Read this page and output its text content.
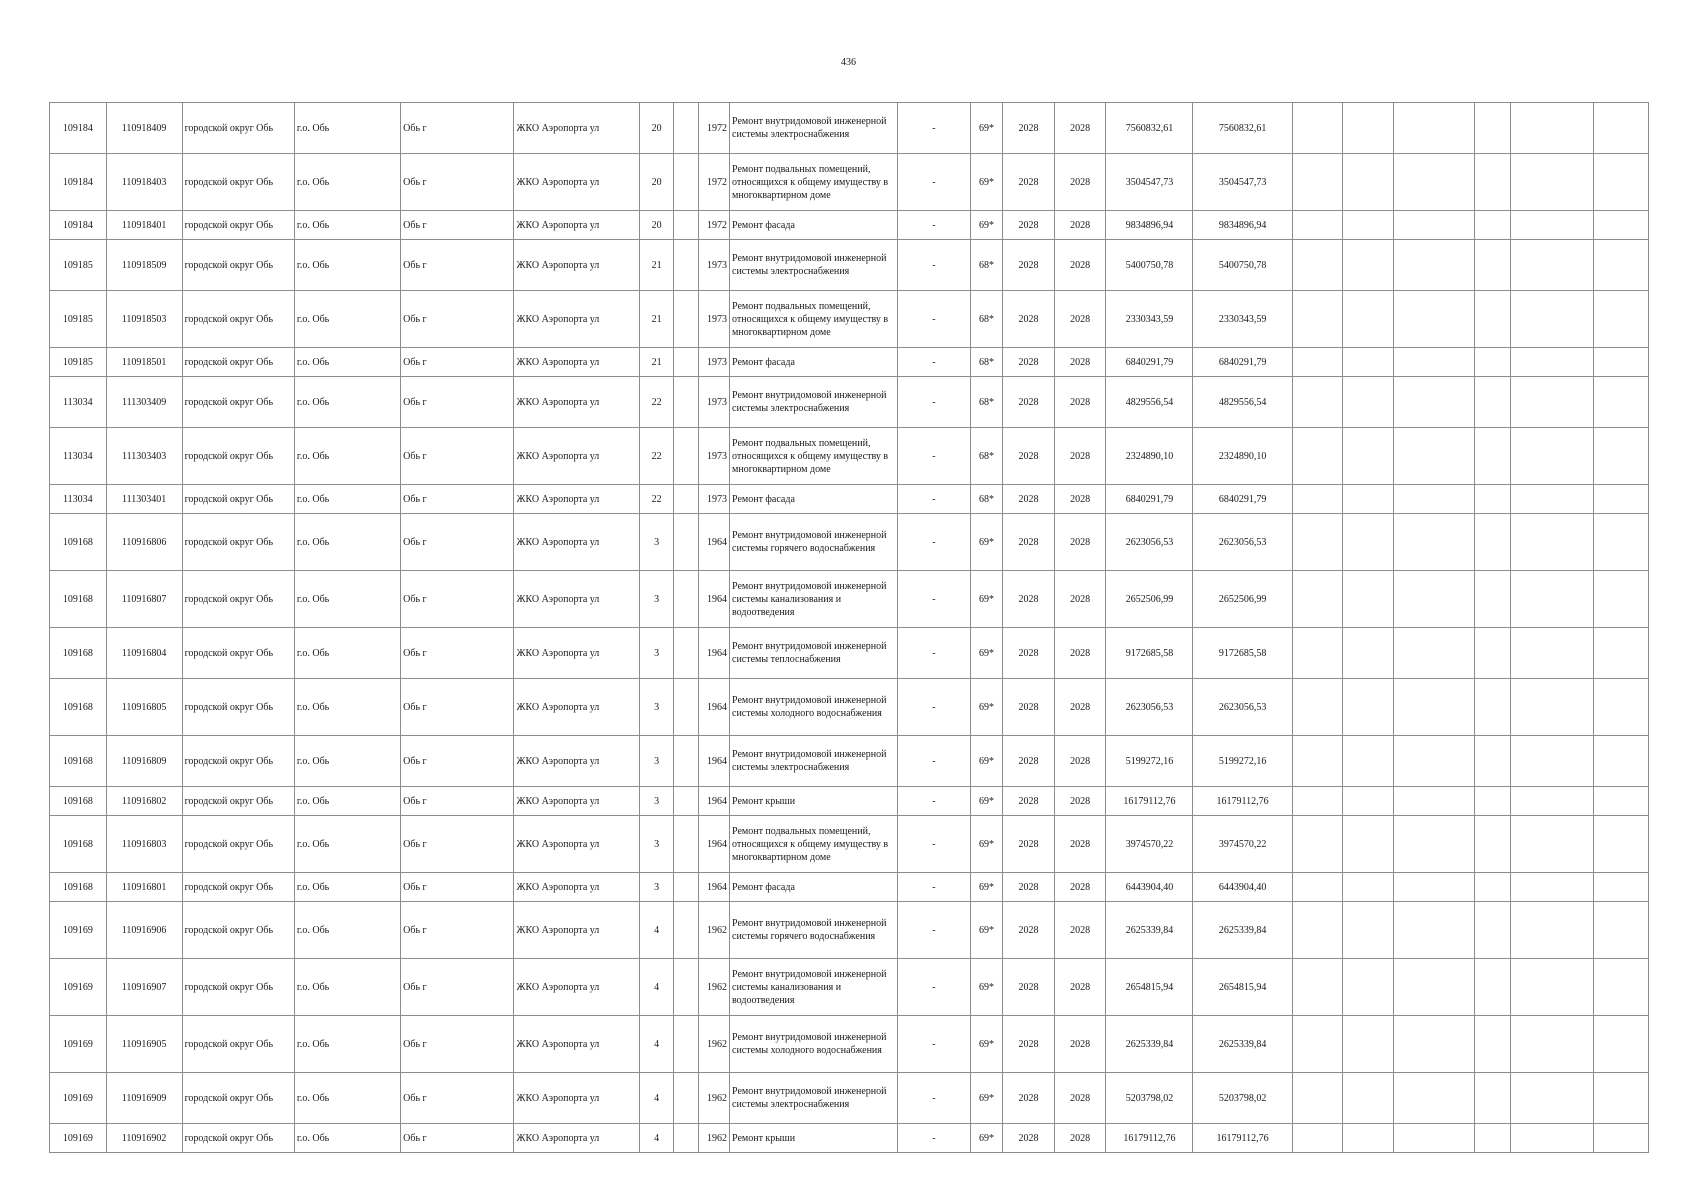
436
109184	110918409	городской округ Обь	г.о. Обь	Обь г	ЖКО Аэропорта ул	20		1972	Ремонт внутридомовой инженерной системы электроснабжения	-	69*	2028	2028	7560832,61	7560832,61						
109184	110918403	городской округ Обь	г.о. Обь	Обь г	ЖКО Аэропорта ул	20		1972	Ремонт подвальных помещений, относящихся к общему имуществу в многоквартирном доме	-	69*	2028	2028	3504547,73	3504547,73						
109184	110918401	городской округ Обь	г.о. Обь	Обь г	ЖКО Аэропорта ул	20		1972	Ремонт фасада	-	69*	2028	2028	9834896,94	9834896,94						
109185	110918509	городской округ Обь	г.о. Обь	Обь г	ЖКО Аэропорта ул	21		1973	Ремонт внутридомовой инженерной системы электроснабжения	-	68*	2028	2028	5400750,78	5400750,78						
109185	110918503	городской округ Обь	г.о. Обь	Обь г	ЖКО Аэропорта ул	21		1973	Ремонт подвальных помещений, относящихся к общему имуществу в многоквартирном доме	-	68*	2028	2028	2330343,59	2330343,59						
109185	110918501	городской округ Обь	г.о. Обь	Обь г	ЖКО Аэропорта ул	21		1973	Ремонт фасада	-	68*	2028	2028	6840291,79	6840291,79						
113034	111303409	городской округ Обь	г.о. Обь	Обь г	ЖКО Аэропорта ул	22		1973	Ремонт внутридомовой инженерной системы электроснабжения	-	68*	2028	2028	4829556,54	4829556,54						
113034	111303403	городской округ Обь	г.о. Обь	Обь г	ЖКО Аэропорта ул	22		1973	Ремонт подвальных помещений, относящихся к общему имуществу в многоквартирном доме	-	68*	2028	2028	2324890,10	2324890,10						
113034	111303401	городской округ Обь	г.о. Обь	Обь г	ЖКО Аэропорта ул	22		1973	Ремонт фасада	-	68*	2028	2028	6840291,79	6840291,79						
109168	110916806	городской округ Обь	г.о. Обь	Обь г	ЖКО Аэропорта ул	3		1964	Ремонт внутридомовой инженерной системы горячего водоснабжения	-	69*	2028	2028	2623056,53	2623056,53						
109168	110916807	городской округ Обь	г.о. Обь	Обь г	ЖКО Аэропорта ул	3		1964	Ремонт внутридомовой инженерной системы канализования и водоотведения	-	69*	2028	2028	2652506,99	2652506,99						
109168	110916804	городской округ Обь	г.о. Обь	Обь г	ЖКО Аэропорта ул	3		1964	Ремонт внутридомовой инженерной системы теплоснабжения	-	69*	2028	2028	9172685,58	9172685,58						
109168	110916805	городской округ Обь	г.о. Обь	Обь г	ЖКО Аэропорта ул	3		1964	Ремонт внутридомовой инженерной системы холодного водоснабжения	-	69*	2028	2028	2623056,53	2623056,53						
109168	110916809	городской округ Обь	г.о. Обь	Обь г	ЖКО Аэропорта ул	3		1964	Ремонт внутридомовой инженерной системы электроснабжения	-	69*	2028	2028	5199272,16	5199272,16						
109168	110916802	городской округ Обь	г.о. Обь	Обь г	ЖКО Аэропорта ул	3		1964	Ремонт крыши	-	69*	2028	2028	16179112,76	16179112,76						
109168	110916803	городской округ Обь	г.о. Обь	Обь г	ЖКО Аэропорта ул	3		1964	Ремонт подвальных помещений, относящихся к общему имуществу в многоквартирном доме	-	69*	2028	2028	3974570,22	3974570,22						
109168	110916801	городской округ Обь	г.о. Обь	Обь г	ЖКО Аэропорта ул	3		1964	Ремонт фасада	-	69*	2028	2028	6443904,40	6443904,40						
109169	110916906	городской округ Обь	г.о. Обь	Обь г	ЖКО Аэропорта ул	4		1962	Ремонт внутридомовой инженерной системы горячего водоснабжения	-	69*	2028	2028	2625339,84	2625339,84						
109169	110916907	городской округ Обь	г.о. Обь	Обь г	ЖКО Аэропорта ул	4		1962	Ремонт внутридомовой инженерной системы канализования и водоотведения	-	69*	2028	2028	2654815,94	2654815,94						
109169	110916905	городской округ Обь	г.о. Обь	Обь г	ЖКО Аэропорта ул	4		1962	Ремонт внутридомовой инженерной системы холодного водоснабжения	-	69*	2028	2028	2625339,84	2625339,84						
109169	110916909	городской округ Обь	г.о. Обь	Обь г	ЖКО Аэропорта ул	4		1962	Ремонт внутридомовой инженерной системы электроснабжения	-	69*	2028	2028	5203798,02	5203798,02						
109169	110916902	городской округ Обь	г.о. Обь	Обь г	ЖКО Аэропорта ул	4		1962	Ремонт крыши	-	69*	2028	2028	16179112,76	16179112,76						
